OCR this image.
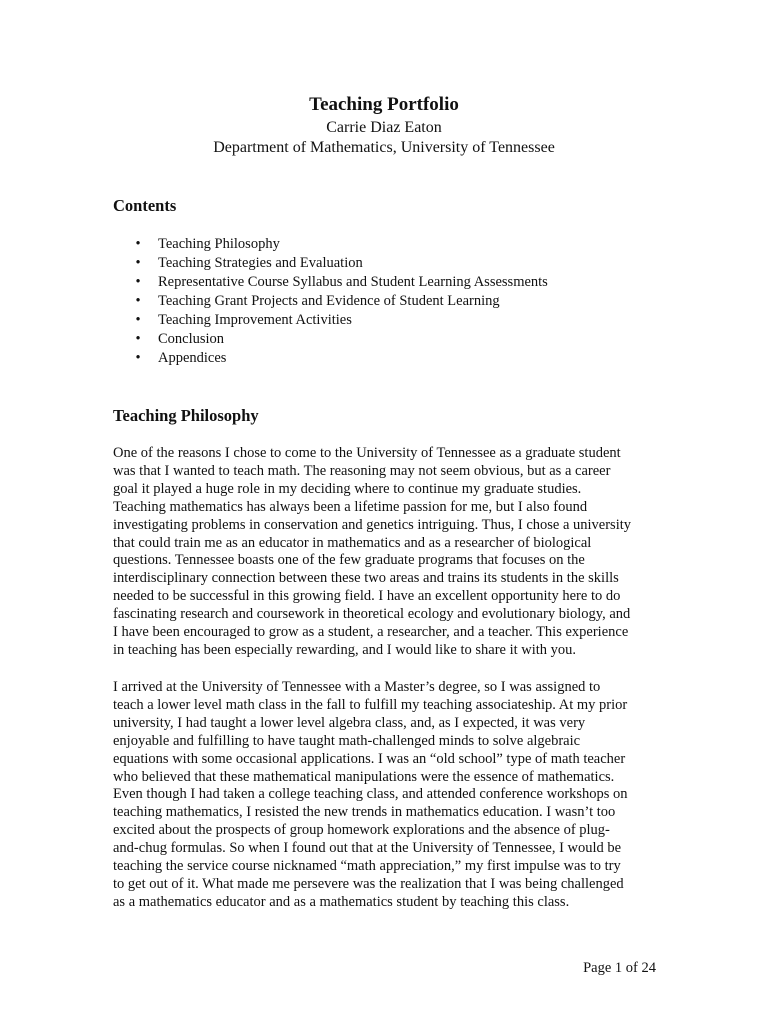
Teaching Portfolio

Carrie Diaz Eaton

Department of Mathematics, University of Tennessee

Contents
• Teaching Philosophy
• Teaching Strategies and Evaluation
• Representative Course Syllabus and Student Learning Assessments
• Teaching Grant Projects and Evidence of Student Learning
• Teaching Improvement Activities
• Conclusion
• Appendices
Teaching Philosophy

One of the reasons I chose to come to the University of Tennessee as a graduate student
was that I wanted to teach math. The reasoning may not seem obvious, but as a career
goal it played a huge role in my deciding where to continue my graduate studies.
Teaching mathematics has always been a lifetime passion for me, but I also found
investigating problems in conservation and genetics intriguing. Thus, I chose a university
that could train me as an educator in mathematics and as a researcher of biological
questions. Tennessee boasts one of the few graduate programs that focuses on the
interdisciplinary connection between these two areas and trains its students in the skills
needed to be successful in this growing field. I have an excellent opportunity here to do
fascinating research and coursework in theoretical ecology and evolutionary biology, and
I have been encouraged to grow as a student, a researcher, and a teacher. This experience
in teaching has been especially rewarding, and I would like to share it with you.

I arrived at the University of Tennessee with a Master’s degree, so I was assigned to
teach a lower level math class in the fall to fulfill my teaching associateship. At my prior
university, I had taught a lower level algebra class, and, as I expected, it was very
enjoyable and fulfilling to have taught math-challenged minds to solve algebraic
equations with some occasional applications. I was an “old school” type of math teacher
who believed that these mathematical manipulations were the essence of mathematics.
Even though I had taken a college teaching class, and attended conference workshops on
teaching mathematics, I resisted the new trends in mathematics education. I wasn’t too
excited about the prospects of group homework explorations and the absence of plug-
and-chug formulas. So when I found out that at the University of Tennessee, I would be
teaching the service course nicknamed “math appreciation,” my first impulse was to try
to get out of it. What made me persevere was the realization that I was being challenged
as a mathematics educator and as a mathematics student by teaching this class.

Page 1 of 24
